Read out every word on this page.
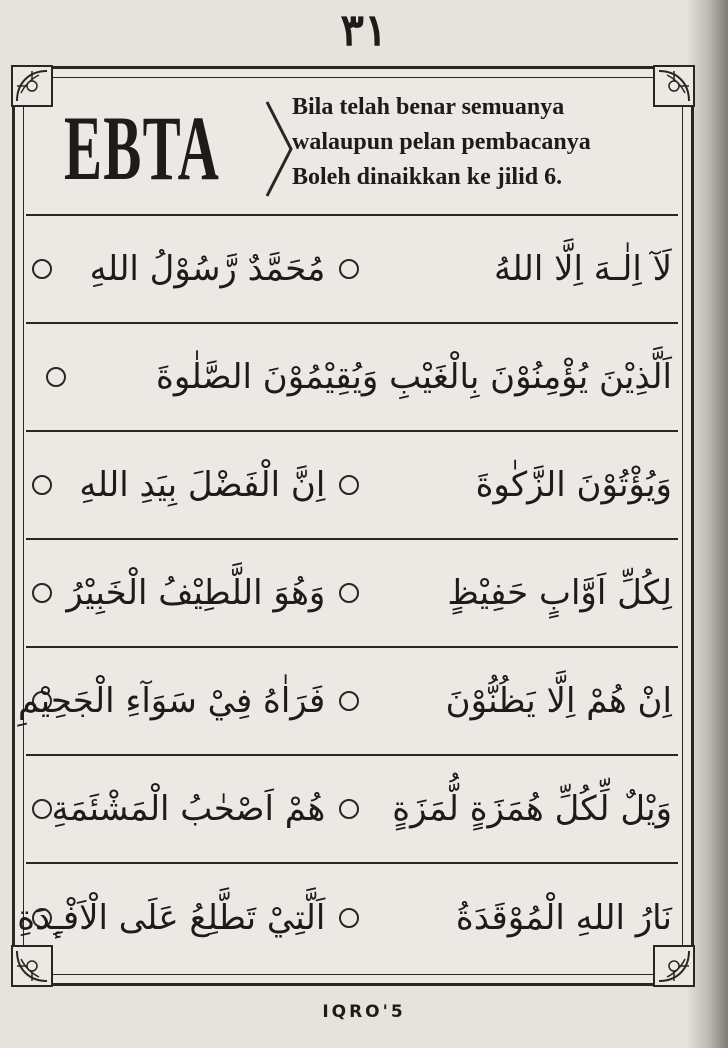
٣١
EBTA	Bila telah benar semuanya
walaupun pelan pembacanya
Boleh dinaikkan ke jilid 6.
لَآ اِلٰـهَ اِلَّا اللهُ
مُحَمَّدٌ رَّسُوْلُ اللهِ
اَلَّذِيْنَ يُؤْمِنُوْنَ بِالْغَيْبِ وَيُقِيْمُوْنَ الصَّلٰوةَ
وَيُؤْتُوْنَ الزَّكٰوةَ
اِنَّ الْفَضْلَ بِيَدِ اللهِ
لِكُلِّ اَوَّابٍ حَفِيْظٍ
وَهُوَ اللَّطِيْفُ الْخَبِيْرُ
اِنْ هُمْ اِلَّا يَظُنُّوْنَ
فَرَاٰهُ فِيْ سَوَآءِ الْجَحِيْمِ
وَيْلٌ لِّكُلِّ هُمَزَةٍ لُّمَزَةٍ
هُمْ اَصْحٰبُ الْمَشْئَمَةِ
نَارُ اللهِ الْمُوْقَدَةُ
اَلَّتِيْ تَطَّلِعُ عَلَى الْاَفْـِٕدَةِ
IQRO'5
